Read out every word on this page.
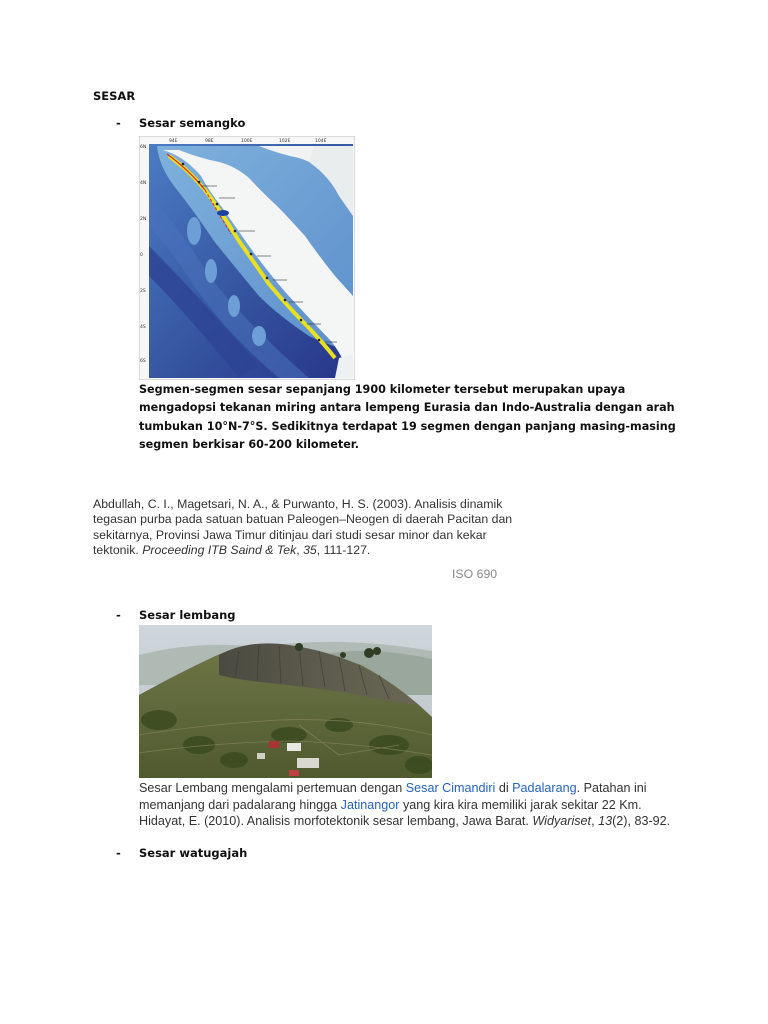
SESAR
-	Sesar semangko
94E	98E	100E	102E	104E
6N
4N
2N
0
2S
4S
6S
Segmen-segmen sesar sepanjang 1900 kilometer tersebut merupakan upaya mengadopsi tekanan miring antara lempeng Eurasia dan Indo-Australia dengan arah tumbukan 10°N-7°S. Sedikitnya terdapat 19 segmen dengan panjang masing-masing segmen berkisar 60-200 kilometer.
Abdullah, C. I., Magetsari, N. A., & Purwanto, H. S. (2003). Analisis dinamik tegasan purba pada satuan batuan Paleogen–Neogen di daerah Pacitan dan sekitarnya, Provinsi Jawa Timur ditinjau dari studi sesar minor dan kekar tektonik. Proceeding ITB Saind & Tek, 35, 111-127.
ISO 690
-	Sesar lembang
Sesar Lembang mengalami pertemuan dengan Sesar Cimandiri di Padalarang. Patahan ini memanjang dari padalarang hingga Jatinangor yang kira kira memiliki jarak sekitar 22 Km. Hidayat, E. (2010). Analisis morfotektonik sesar lembang, Jawa Barat. Widyariset, 13(2), 83-92.
-	Sesar watugajah
